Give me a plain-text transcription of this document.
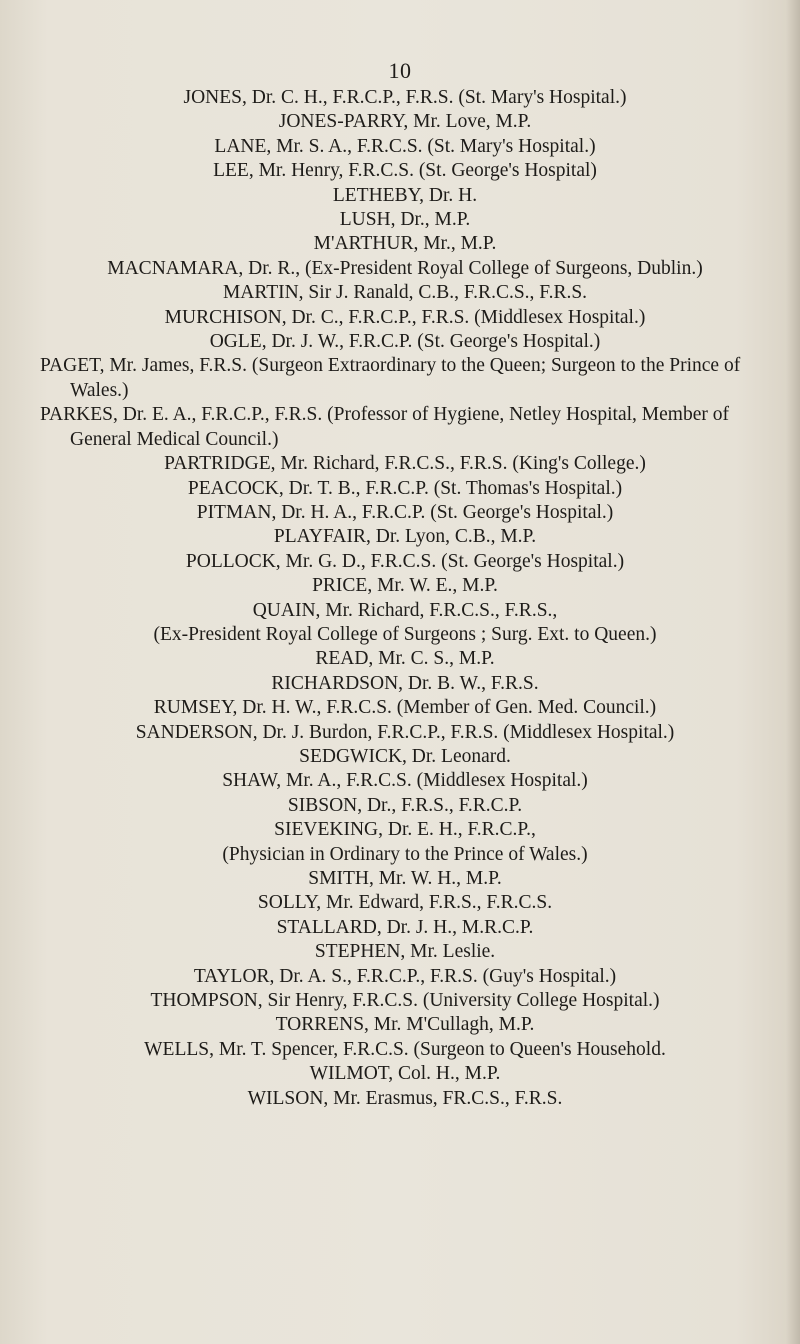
10
JONES, Dr. C. H., F.R.C.P., F.R.S. (St. Mary's Hospital.)
JONES-PARRY, Mr. Love, M.P.
LANE, Mr. S. A., F.R.C.S. (St. Mary's Hospital.)
LEE, Mr. Henry, F.R.C.S. (St. George's Hospital)
LETHEBY, Dr. H.
LUSH, Dr., M.P.
M'ARTHUR, Mr., M.P.
MACNAMARA, Dr. R., (Ex-President Royal College of Surgeons, Dublin.)
MARTIN, Sir J. Ranald, C.B., F.R.C.S., F.R.S.
MURCHISON, Dr. C., F.R.C.P., F.R.S. (Middlesex Hospital.)
OGLE, Dr. J. W., F.R.C.P. (St. George's Hospital.)
PAGET, Mr. James, F.R.S. (Surgeon Extraordinary to the Queen; Surgeon to the Prince of Wales.)
PARKES, Dr. E. A., F.R.C.P., F.R.S. (Professor of Hygiene, Netley Hospital, Member of General Medical Council.)
PARTRIDGE, Mr. Richard, F.R.C.S., F.R.S. (King's College.)
PEACOCK, Dr. T. B., F.R.C.P. (St. Thomas's Hospital.)
PITMAN, Dr. H. A., F.R.C.P. (St. George's Hospital.)
PLAYFAIR, Dr. Lyon, C.B., M.P.
POLLOCK, Mr. G. D., F.R.C.S. (St. George's Hospital.)
PRICE, Mr. W. E., M.P.
QUAIN, Mr. Richard, F.R.C.S., F.R.S.,
(Ex-President Royal College of Surgeons ; Surg. Ext. to Queen.)
READ, Mr. C. S., M.P.
RICHARDSON, Dr. B. W., F.R.S.
RUMSEY, Dr. H. W., F.R.C.S. (Member of Gen. Med. Council.)
SANDERSON, Dr. J. Burdon, F.R.C.P., F.R.S. (Middlesex Hospital.)
SEDGWICK, Dr. Leonard.
SHAW, Mr. A., F.R.C.S. (Middlesex Hospital.)
SIBSON, Dr., F.R.S., F.R.C.P.
SIEVEKING, Dr. E. H., F.R.C.P.,
(Physician in Ordinary to the Prince of Wales.)
SMITH, Mr. W. H., M.P.
SOLLY, Mr. Edward, F.R.S., F.R.C.S.
STALLARD, Dr. J. H., M.R.C.P.
STEPHEN, Mr. Leslie.
TAYLOR, Dr. A. S., F.R.C.P., F.R.S. (Guy's Hospital.)
THOMPSON, Sir Henry, F.R.C.S. (University College Hospital.)
TORRENS, Mr. M'Cullagh, M.P.
WELLS, Mr. T. Spencer, F.R.C.S. (Surgeon to Queen's Household.
WILMOT, Col. H., M.P.
WILSON, Mr. Erasmus, FR.C.S., F.R.S.
